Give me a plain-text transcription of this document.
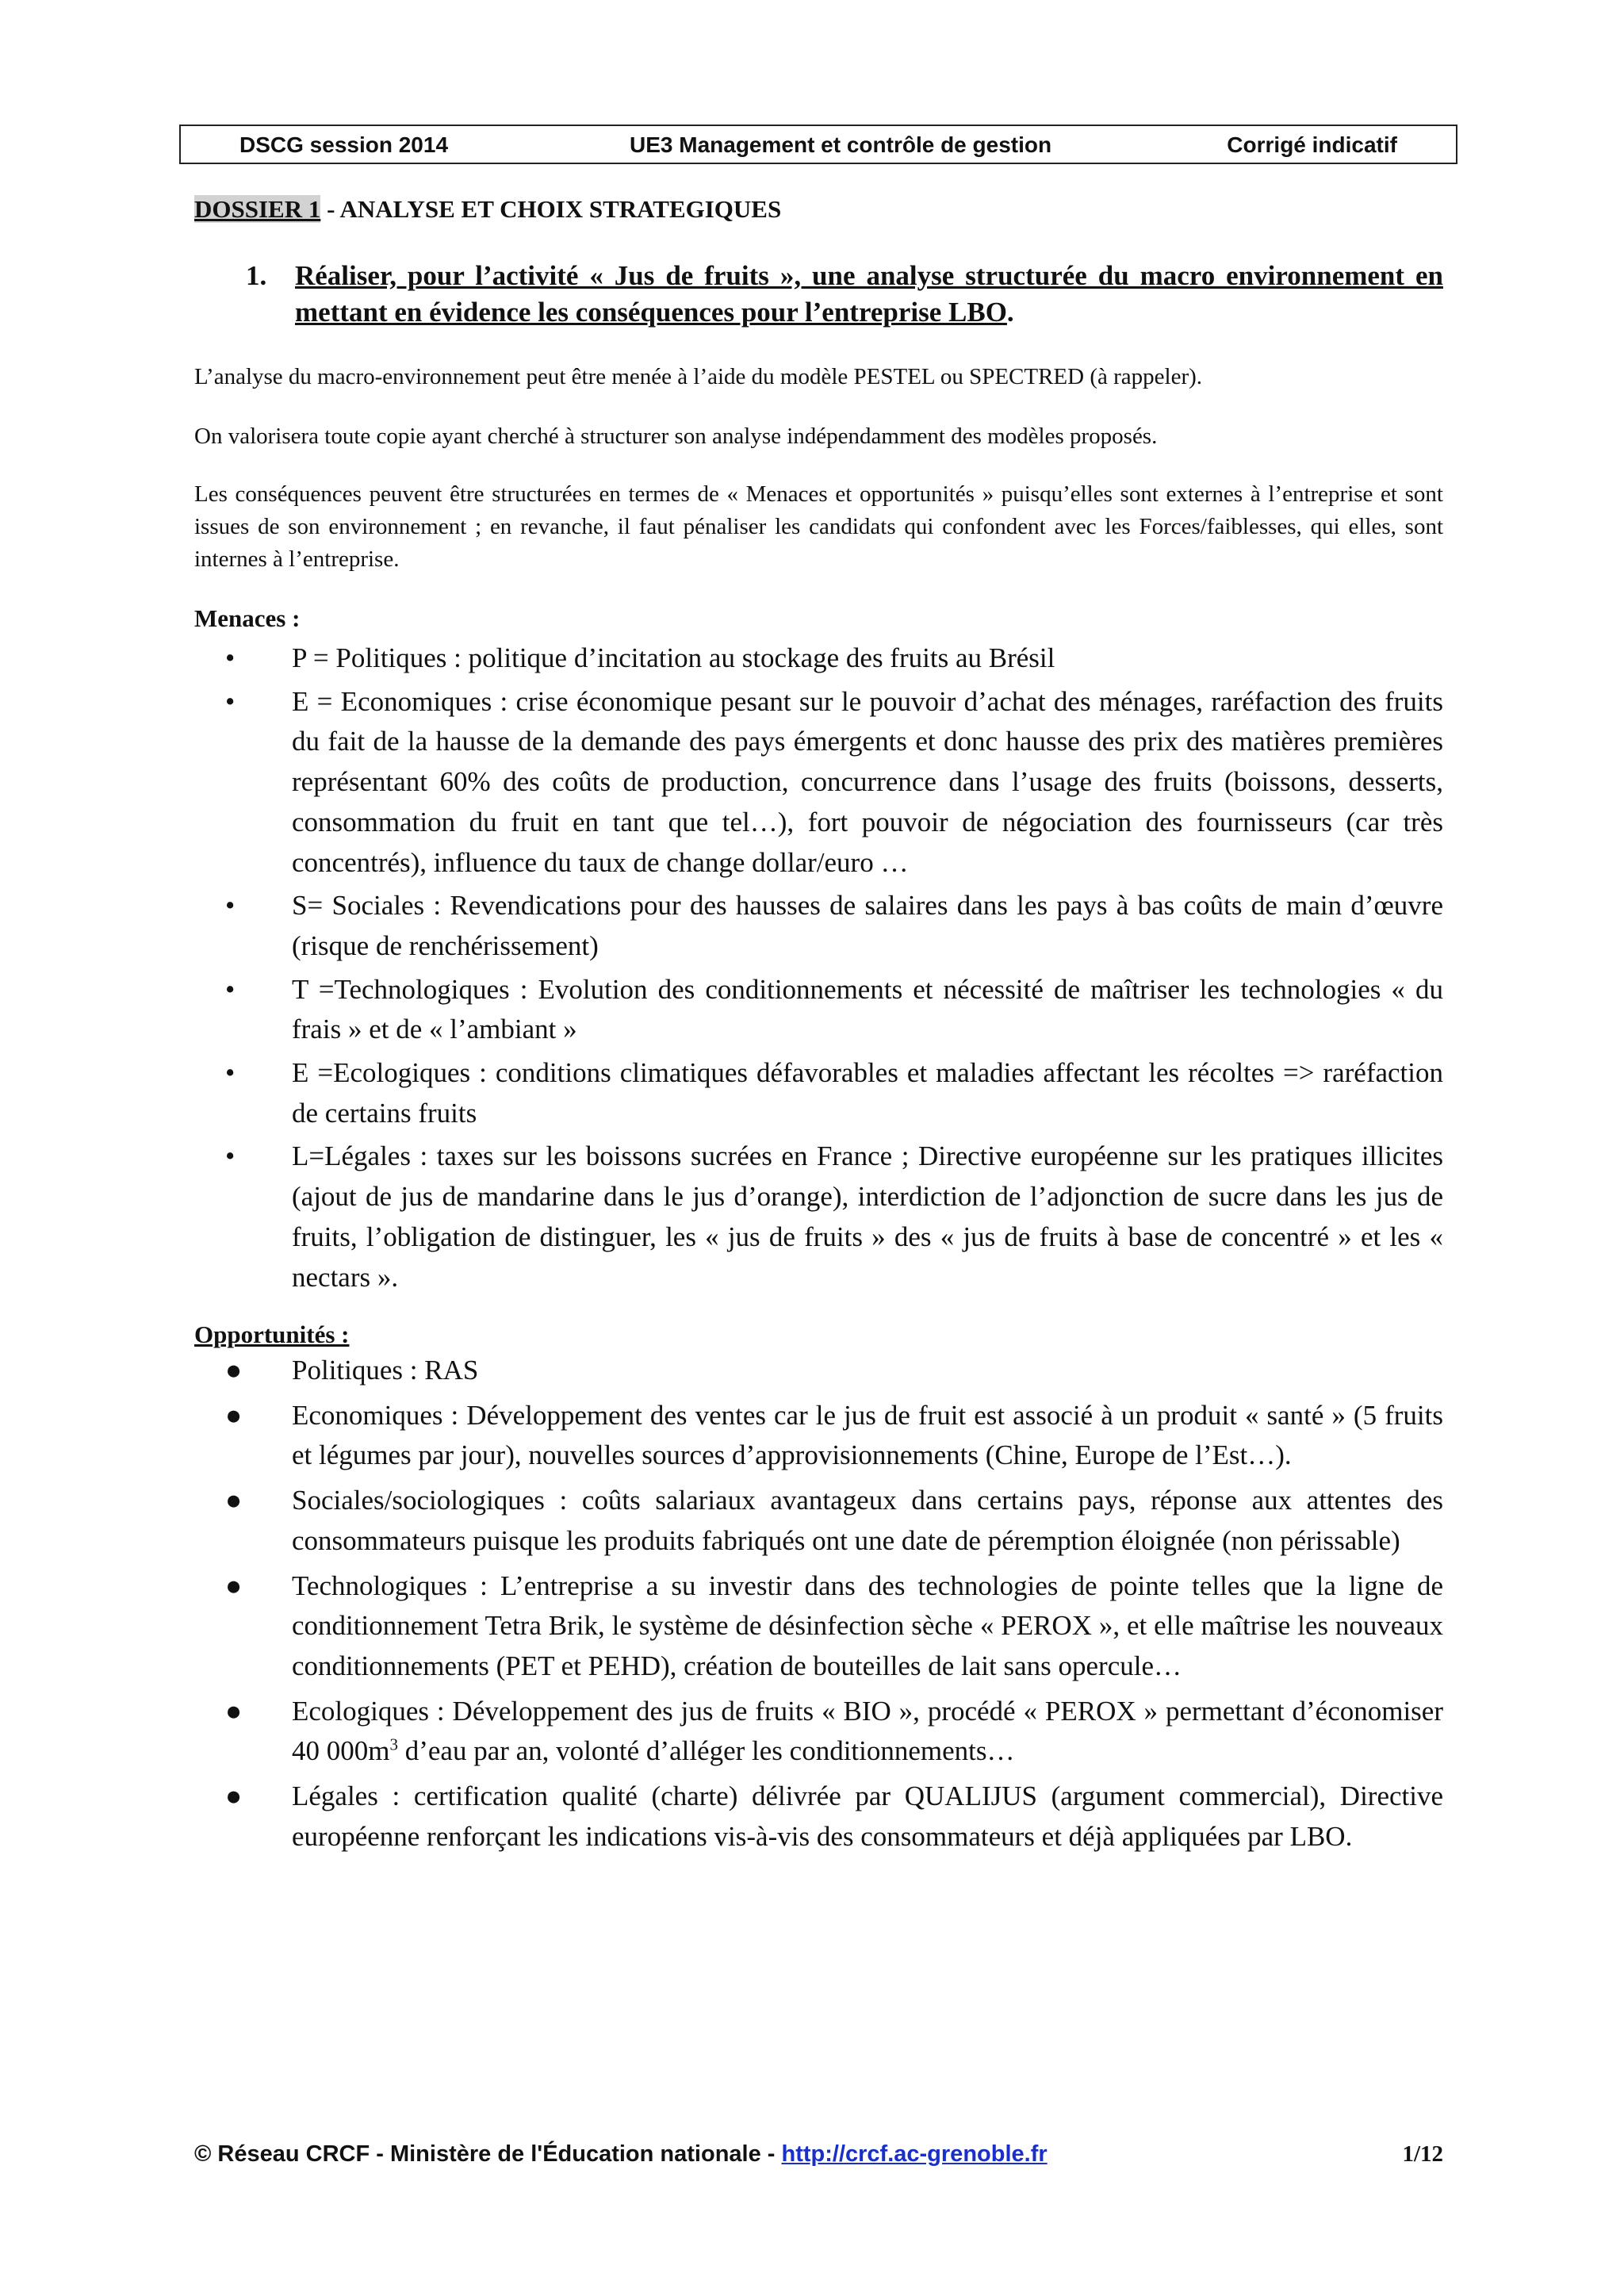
DSCG session 2014	UE3 Management et contrôle de gestion	Corrigé indicatif
DOSSIER 1 - ANALYSE ET CHOIX STRATEGIQUES
1. Réaliser, pour l’activité « Jus de fruits », une analyse structurée du macro environnement en mettant en évidence les conséquences pour l’entreprise LBO.
L’analyse du macro-environnement peut être menée à l’aide du modèle PESTEL ou SPECTRED (à rappeler).
On valorisera toute copie ayant cherché à structurer son analyse indépendamment des modèles proposés.
Les conséquences peuvent être structurées en termes de « Menaces et opportunités » puisqu’elles sont externes à l’entreprise et sont issues de son environnement ; en revanche, il faut pénaliser les candidats qui confondent avec les Forces/faiblesses, qui elles, sont internes à l’entreprise.
Menaces :
• P = Politiques : politique d’incitation au stockage des fruits au Brésil
• E = Economiques : crise économique pesant sur le pouvoir d’achat des ménages, raréfaction des fruits du fait de la hausse de la demande des pays émergents et donc hausse des prix des matières premières représentant 60% des coûts de production, concurrence dans l’usage des fruits (boissons, desserts, consommation du fruit en tant que tel…), fort pouvoir de négociation des fournisseurs (car très concentrés), influence du taux de change dollar/euro …
• S= Sociales : Revendications pour des hausses de salaires dans les pays à bas coûts de main d’œuvre (risque de renchérissement)
• T =Technologiques : Evolution des conditionnements et nécessité de maîtriser les technologies « du frais » et de « l’ambiant »
• E =Ecologiques : conditions climatiques défavorables et maladies affectant les récoltes => raréfaction de certains fruits
• L=Légales : taxes sur les boissons sucrées en France ; Directive européenne sur les pratiques illicites (ajout de jus de mandarine dans le jus d’orange), interdiction de l’adjonction de sucre dans les jus de fruits, l’obligation de distinguer, les « jus de fruits » des « jus de fruits à base de concentré » et les « nectars ».
Opportunités :
● Politiques : RAS
● Economiques : Développement des ventes car le jus de fruit est associé à un produit « santé » (5 fruits et légumes par jour), nouvelles sources d’approvisionnements (Chine, Europe de l’Est…).
● Sociales/sociologiques : coûts salariaux avantageux dans certains pays, réponse aux attentes des consommateurs puisque les produits fabriqués ont une date de péremption éloignée (non périssable)
● Technologiques : L’entreprise a su investir dans des technologies de pointe telles que la ligne de conditionnement Tetra Brik, le système de désinfection sèche « PEROX », et elle maîtrise les nouveaux conditionnements (PET et PEHD), création de bouteilles de lait sans opercule…
● Ecologiques : Développement des jus de fruits « BIO », procédé « PEROX » permettant d’économiser 40 $000m^3$ d’eau par an, volonté d’alléger les conditionnements…
● Légales : certification qualité (charte) délivrée par QUALIJUS (argument commercial), Directive européenne renforçant les indications vis-à-vis des consommateurs et déjà appliquées par LBO.
© Réseau CRCF - Ministère de l'Éducation nationale - http://crcf.ac-grenoble.fr	1/12
